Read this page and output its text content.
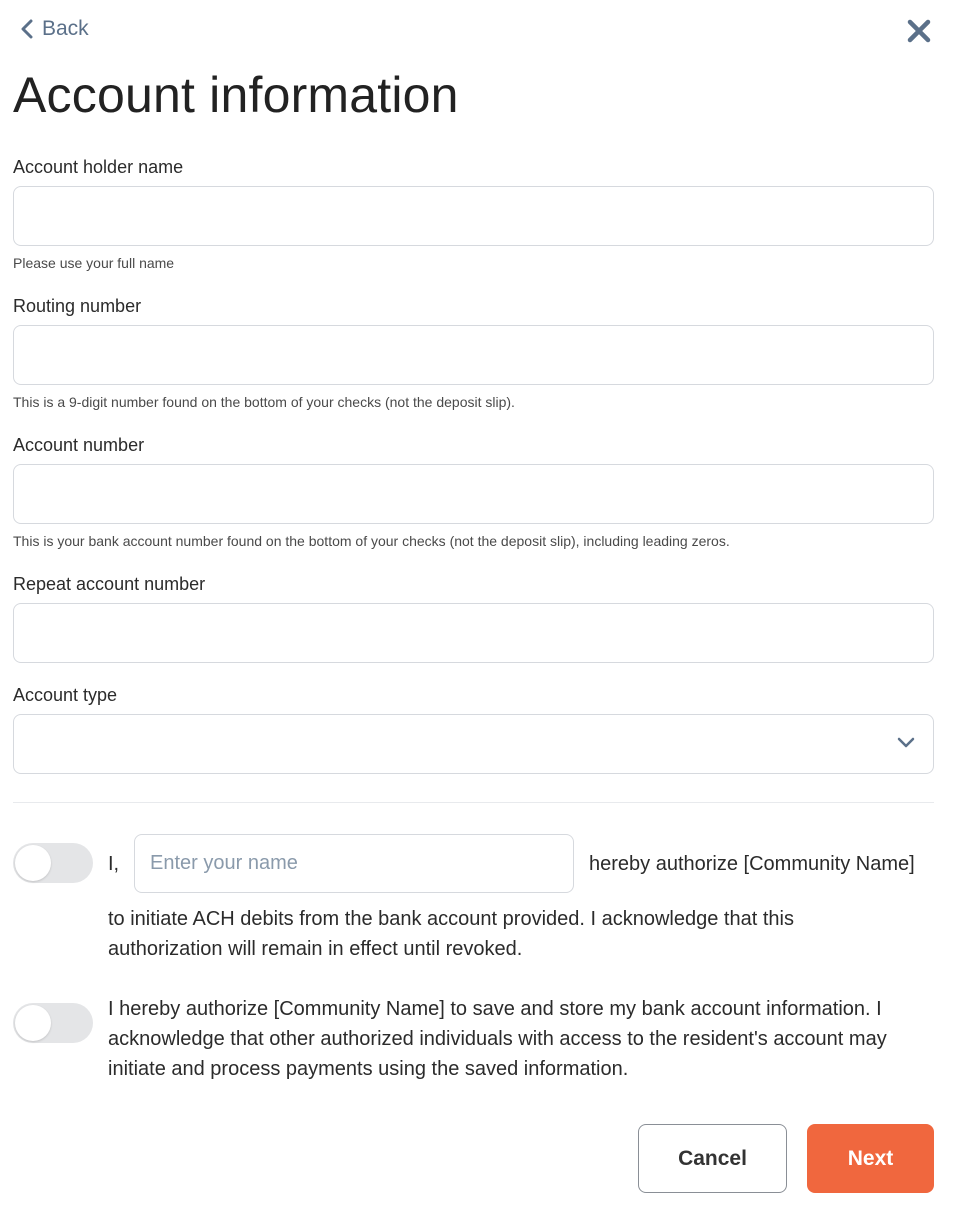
Back
Account information
Account holder name
Please use your full name
Routing number
This is a 9-digit number found on the bottom of your checks (not the deposit slip).
Account number
This is your bank account number found on the bottom of your checks (not the deposit slip), including leading zeros.
Repeat account number
Account type
I,
Enter your name	hereby authorize [Community Name]
to initiate ACH debits from the bank account provided. I acknowledge that this authorization will remain in effect until revoked.
I hereby authorize [Community Name] to save and store my bank account information. I acknowledge that other authorized individuals with access to the resident's account may initiate and process payments using the saved information.
Cancel	Next
